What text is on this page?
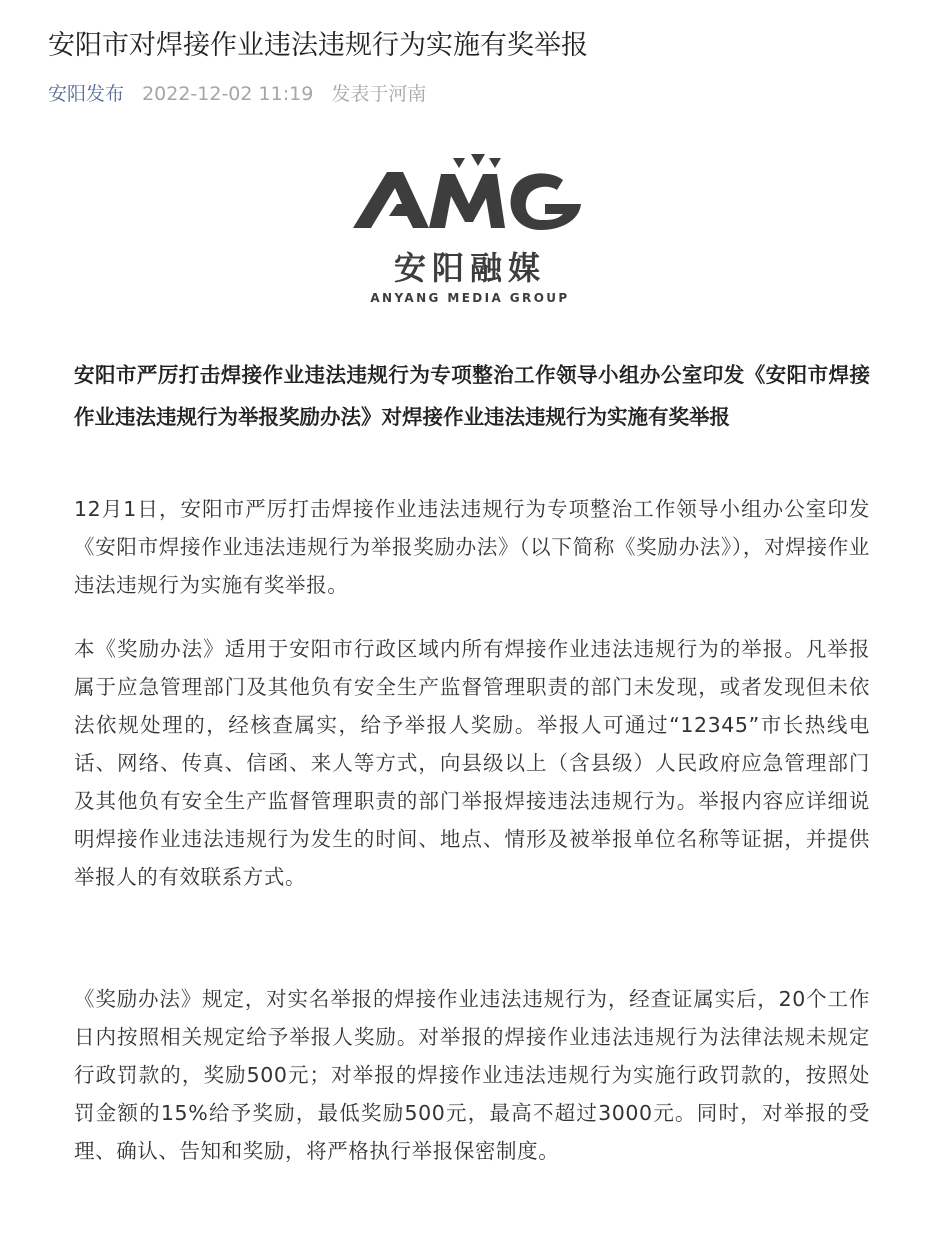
安阳市对焊接作业违法违规行为实施有奖举报
安阳发布 2022-12-02 11:19 发表于河南
安阳融媒
ANYANG MEDIA GROUP

安阳市严厉打击焊接作业违法违规行为专项整治工作领导小组办公室印发《安阳市焊接作业违法违规行为举报奖励办法》对焊接作业违法违规行为实施有奖举报

12月1日，安阳市严厉打击焊接作业违法违规行为专项整治工作领导小组办公室印发《安阳市焊接作业违法违规行为举报奖励办法》（以下简称《奖励办法》），对焊接作业违法违规行为实施有奖举报。

本《奖励办法》适用于安阳市行政区域内所有焊接作业违法违规行为的举报。凡举报属于应急管理部门及其他负有安全生产监督管理职责的部门未发现，或者发现但未依法依规处理的，经核查属实，给予举报人奖励。举报人可通过“12345”市长热线电话、网络、传真、信函、来人等方式，向县级以上（含县级）人民政府应急管理部门及其他负有安全生产监督管理职责的部门举报焊接违法违规行为。举报内容应详细说明焊接作业违法违规行为发生的时间、地点、情形及被举报单位名称等证据，并提供举报人的有效联系方式。

《奖励办法》规定，对实名举报的焊接作业违法违规行为，经查证属实后，20个工作日内按照相关规定给予举报人奖励。对举报的焊接作业违法违规行为法律法规未规定行政罚款的，奖励500元；对举报的焊接作业违法违规行为实施行政罚款的，按照处罚金额的15%给予奖励，最低奖励500元，最高不超过3000元。同时，对举报的受理、确认、告知和奖励，将严格执行举报保密制度。
